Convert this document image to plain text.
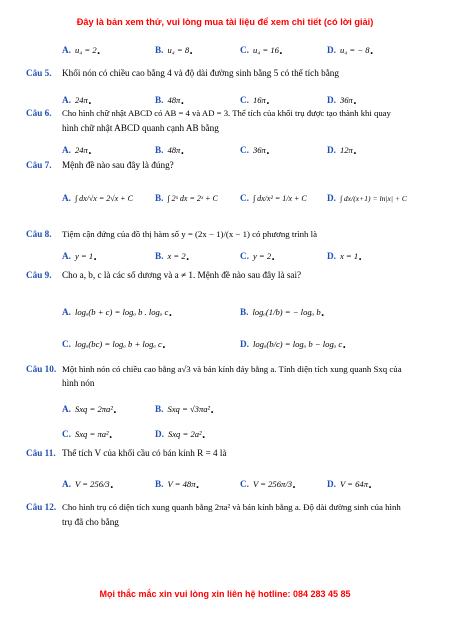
Đây là bản xem thử, vui lòng mua tài liệu để xem chi tiết (có lời giải)
A.
u₄ = 2 .	B.
u₄ = 8 .	C.
u₄ = 16 .	D.
u₄ = − 8 .
Câu 5. Khối nón có chiều cao bằng 4 và độ dài đường sinh bằng 5 có thể tích bằng
A.
24π .	B.
48π .	C.
16π .	D.
36π .
Câu 6. Cho hình chữ nhật ABCD có AB = 4 và AD = 3. Thể tích của khối trụ được tạo thành khi quay
hình chữ nhật ABCD quanh cạnh AB bằng
A.
24π .	B.
48π .	C.
36π .	D.
12π .
Câu 7. Mệnh đề nào sau đây là đúng?
A.
∫ dx/√x = 2√x + C B.
∫ 2ˣ dx = 2ˣ + C C.
∫ dx/x² = 1/x + C D.
∫ dx/(x+1) = ln|x| + C
Câu 8. Tiệm cận đứng của đồ thị hàm số y = (2x − 1)/(x − 1) có phương trình là
A.
y = 1 .	B.
x = 2 .	C.
y = 2 .	D.
x = 1 .
Câu 9. Cho a, b, c là các số dương và a ≠ 1. Mệnh đề nào sau đây là sai?
A.
logₐ(b + c) = logₐ b . logₐ c .	B.
logₐ(1/b) = − logₐ b .
C.
logₐ(bc) = logₐ b + logₐ c .	D.
logₐ(b/c) = logₐ b − logₐ c .
Câu 10. Một hình nón có chiều cao bằng a√3 và bán kính đáy bằng a. Tính diện tích xung quanh Sxq của
hình nón
A.
Sxq = 2πa² .	B.
Sxq = √3πa² .
C.
Sxq = πa² .	D.
Sxq = 2a² .
Câu 11. Thể tích V của khối cầu có bán kính R = 4 là
A.
V = 256/3 .	B.
V = 48π .	C.
V = 256π/3 .	D.
V = 64π .
Câu 12. Cho hình trụ có diện tích xung quanh bằng 2πa² và bán kính bằng a. Độ dài đường sinh của hình
trụ đã cho bằng
Mọi thắc mắc xin vui lòng xin liên hệ hotline: 084 283 45 85
